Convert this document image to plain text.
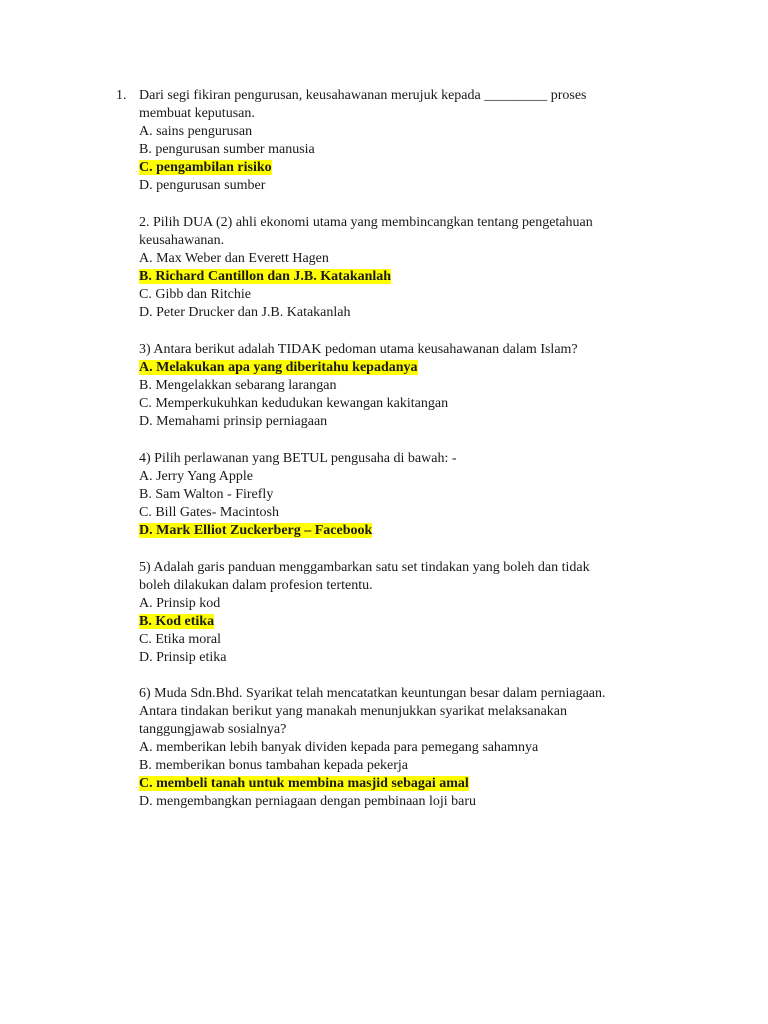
1. Dari segi fikiran pengurusan, keusahawanan merujuk kepada _________ proses
membuat keputusan.
A. sains pengurusan
B. pengurusan sumber manusia
C. pengambilan risiko
D. pengurusan sumber
2. Pilih DUA (2) ahli ekonomi utama yang membincangkan tentang pengetahuan
keusahawanan.
A. Max Weber dan Everett Hagen
B. Richard Cantillon dan J.B. Katakanlah
C. Gibb dan Ritchie
D. Peter Drucker dan J.B. Katakanlah
3) Antara berikut adalah TIDAK pedoman utama keusahawanan dalam Islam?
A. Melakukan apa yang diberitahu kepadanya
B. Mengelakkan sebarang larangan
C. Memperkukuhkan kedudukan kewangan kakitangan
D. Memahami prinsip perniagaan
4) Pilih perlawanan yang BETUL pengusaha di bawah: -
A. Jerry Yang Apple
B. Sam Walton - Firefly
C. Bill Gates- Macintosh
D. Mark Elliot Zuckerberg – Facebook
5) Adalah garis panduan menggambarkan satu set tindakan yang boleh dan tidak
boleh dilakukan dalam profesion tertentu.
A. Prinsip kod
B. Kod etika
C. Etika moral
D. Prinsip etika
6) Muda Sdn.Bhd. Syarikat telah mencatatkan keuntungan besar dalam perniagaan.
Antara tindakan berikut yang manakah menunjukkan syarikat melaksanakan
tanggungjawab sosialnya?
A. memberikan lebih banyak dividen kepada para pemegang sahamnya
B. memberikan bonus tambahan kepada pekerja
C. membeli tanah untuk membina masjid sebagai amal
D. mengembangkan perniagaan dengan pembinaan loji baru
